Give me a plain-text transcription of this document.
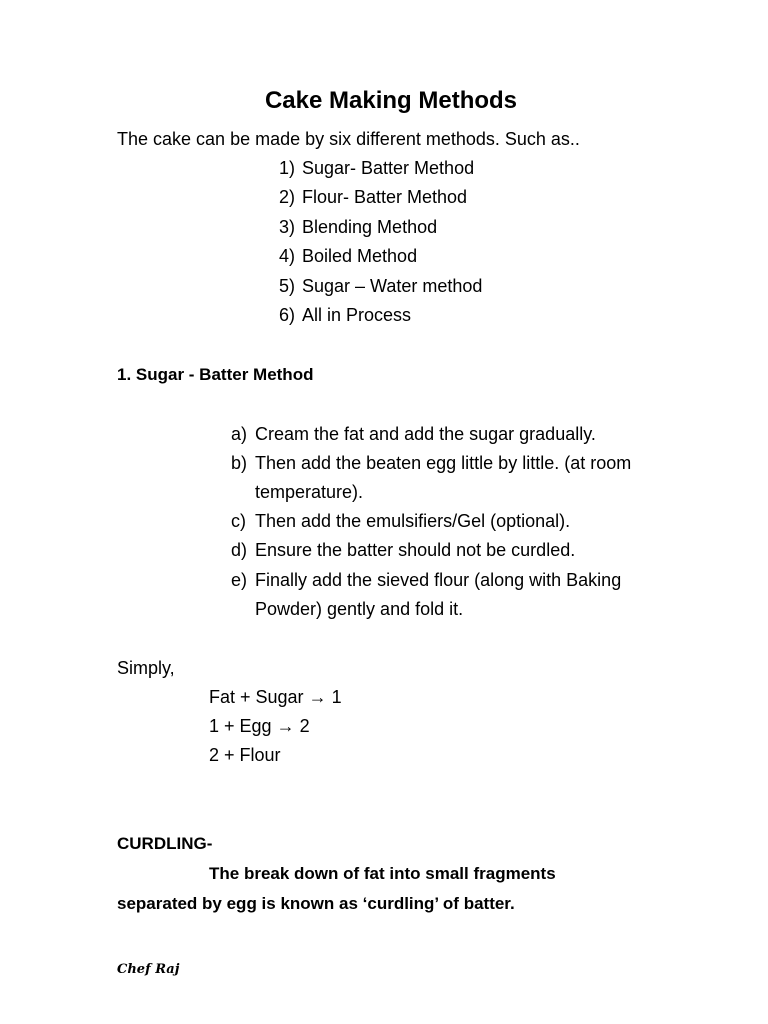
Cake Making Methods
The cake can be made by six different methods. Such as..
1) Sugar- Batter Method
2) Flour- Batter Method
3) Blending Method
4) Boiled Method
5) Sugar – Water method
6) All in Process
1. Sugar - Batter Method
a) Cream the fat and add the sugar gradually.
b) Then add the beaten egg little by little. (at room
temperature).
c) Then add the emulsifiers/Gel (optional).
d) Ensure the batter should not be curdled.
e) Finally add the sieved flour (along with Baking
Powder) gently and fold it.
Simply,
Fat + Sugar → 1
1 + Egg → 2
2 + Flour
CURDLING-
The break down of fat into small fragments
separated by egg is known as ‘curdling’ of batter.
Chef Raj
